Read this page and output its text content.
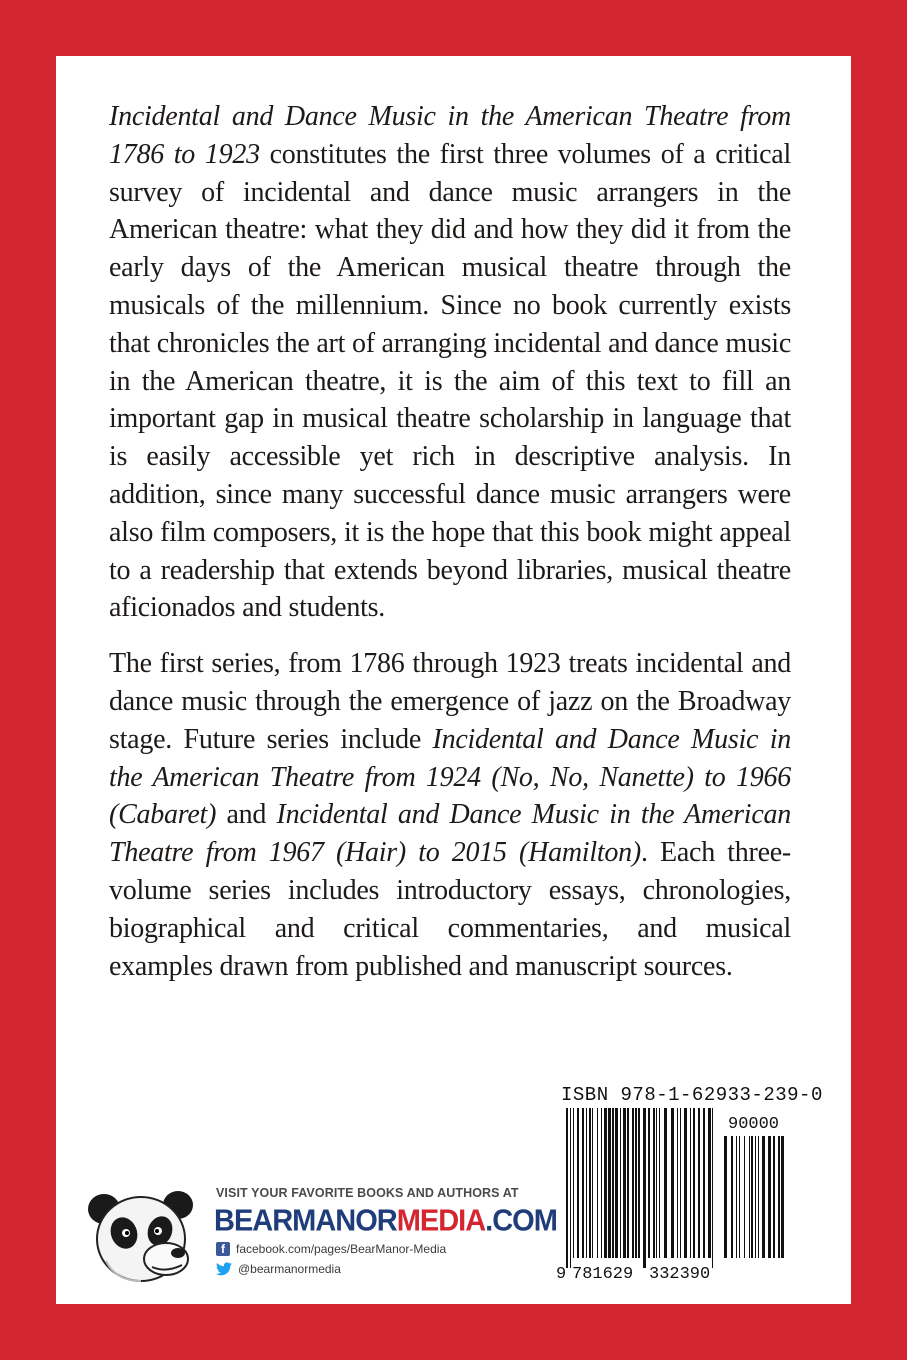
Incidental and Dance Music in the American Theatre from 1786 to 1923 constitutes the first three volumes of a critical survey of incidental and dance music arrangers in the American theatre: what they did and how they did it from the early days of the American musical theatre through the musicals of the millennium. Since no book currently exists that chronicles the art of arranging incidental and dance music in the American theatre, it is the aim of this text to fill an important gap in musical theatre scholarship in language that is easily accessible yet rich in descriptive analysis. In addition, since many successful dance music arrangers were also film composers, it is the hope that this book might appeal to a readership that extends beyond libraries, musical theatre aficionados and students.

The first series, from 1786 through 1923 treats incidental and dance music through the emergence of jazz on the Broadway stage. Future series include Incidental and Dance Music in the American Theatre from 1924 (No, No, Nanette) to 1966 (Cabaret) and Incidental and Dance Music in the American Theatre from 1967 (Hair) to 2015 (Hamilton). Each three-volume series includes introductory essays, chronologies, biographical and critical commentaries, and musical examples drawn from published and manuscript sources.

VISIT YOUR FAVORITE BOOKS AND AUTHORS AT
BEARMANORMEDIA.COM
f facebook.com/pages/BearManor-Media
@bearmanormedia
ISBN 978-1-62933-239-0
90000
9 781629 332390
